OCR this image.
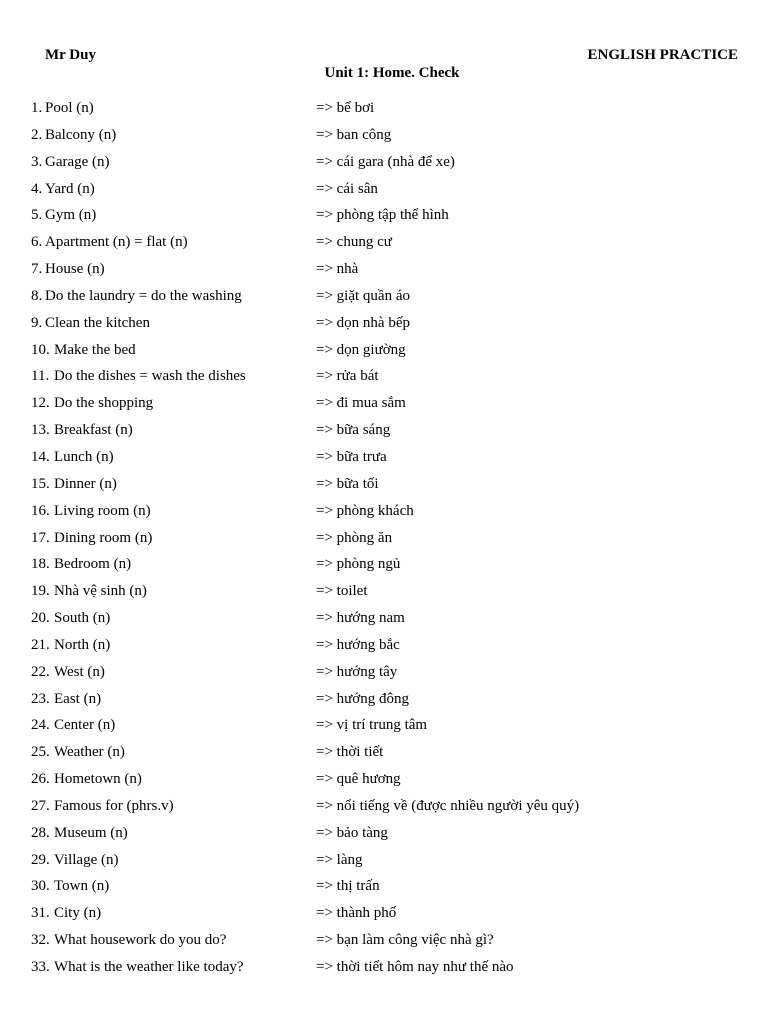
Mr Duy	ENGLISH PRACTICE
Unit 1: Home. Check
1. Pool (n)	=> bể bơi
2. Balcony (n)	=> ban công
3. Garage (n)	=> cái gara (nhà để xe)
4. Yard (n)	=> cái sân
5. Gym (n)	=> phòng tập thể hình
6. Apartment (n) = flat (n)	=> chung cư
7. House (n)	=> nhà
8. Do the laundry = do the washing	=> giặt quần áo
9. Clean the kitchen	=> dọn nhà bếp
10. Make the bed	=> dọn giường
11. Do the dishes = wash the dishes	=> rửa bát
12. Do the shopping	=> đi mua sắm
13. Breakfast (n)	=> bữa sáng
14. Lunch (n)	=> bữa trưa
15. Dinner (n)	=> bữa tối
16. Living room (n)	=> phòng khách
17. Dining room (n)	=> phòng ăn
18. Bedroom (n)	=> phòng ngủ
19. Nhà vệ sinh (n)	=> toilet
20. South (n)	=> hướng nam
21. North (n)	=> hướng bắc
22. West (n)	=> hướng tây
23. East (n)	=> hướng đông
24. Center (n)	=> vị trí trung tâm
25. Weather (n)	=> thời tiết
26. Hometown (n)	=> quê hương
27. Famous for (phrs.v)	=> nổi tiếng về (được nhiều người yêu quý)
28. Museum (n)	=> bảo tàng
29. Village (n)	=> làng
30. Town (n)	=> thị trấn
31. City (n)	=> thành phố
32. What housework do you do?	=> bạn làm công việc nhà gì?
33. What is the weather like today?	=> thời tiết hôm nay như thế nào
